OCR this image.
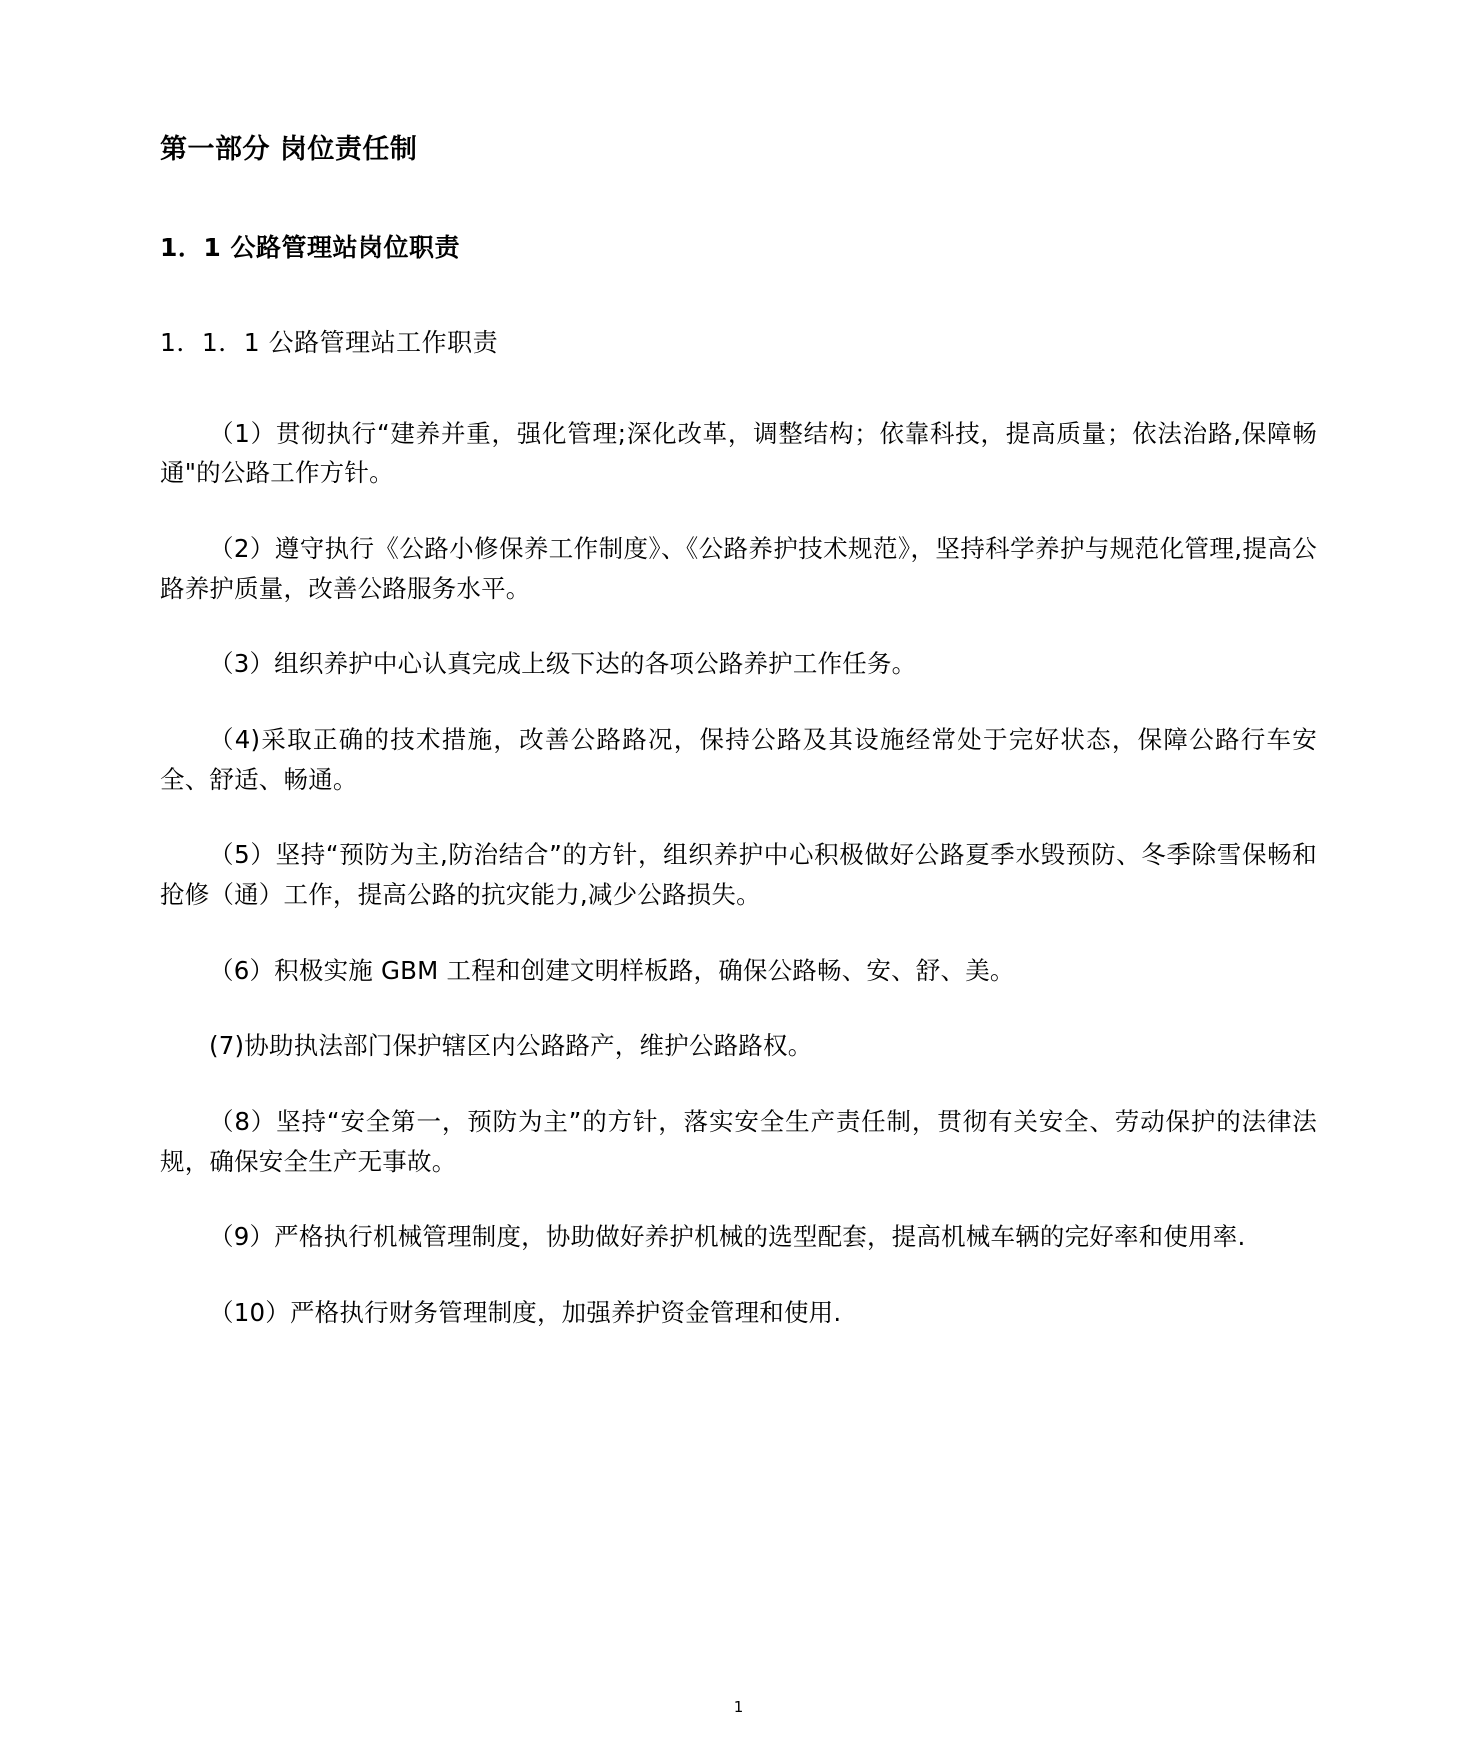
第一部分 岗位责任制
1．1 公路管理站岗位职责
1．1．1 公路管理站工作职责

（1）贯彻执行“建养并重，强化管理;深化改革，调整结构；依靠科技，提高质量；依法治路,保障畅通"的公路工作方针。

（2）遵守执行《公路小修保养工作制度》、《公路养护技术规范》，坚持科学养护与规范化管理,提高公路养护质量，改善公路服务水平。

（3）组织养护中心认真完成上级下达的各项公路养护工作任务。

（4)采取正确的技术措施，改善公路路况，保持公路及其设施经常处于完好状态，保障公路行车安全、舒适、畅通。

（5）坚持“预防为主,防治结合”的方针，组织养护中心积极做好公路夏季水毁预防、冬季除雪保畅和抢修（通）工作，提高公路的抗灾能力,减少公路损失。

（6）积极实施 GBM 工程和创建文明样板路，确保公路畅、安、舒、美。

(7)协助执法部门保护辖区内公路路产，维护公路路权。

（8）坚持“安全第一，预防为主”的方针，落实安全生产责任制，贯彻有关安全、劳动保护的法律法规，确保安全生产无事故。

（9）严格执行机械管理制度，协助做好养护机械的选型配套，提高机械车辆的完好率和使用率.

（10）严格执行财务管理制度，加强养护资金管理和使用.

1
